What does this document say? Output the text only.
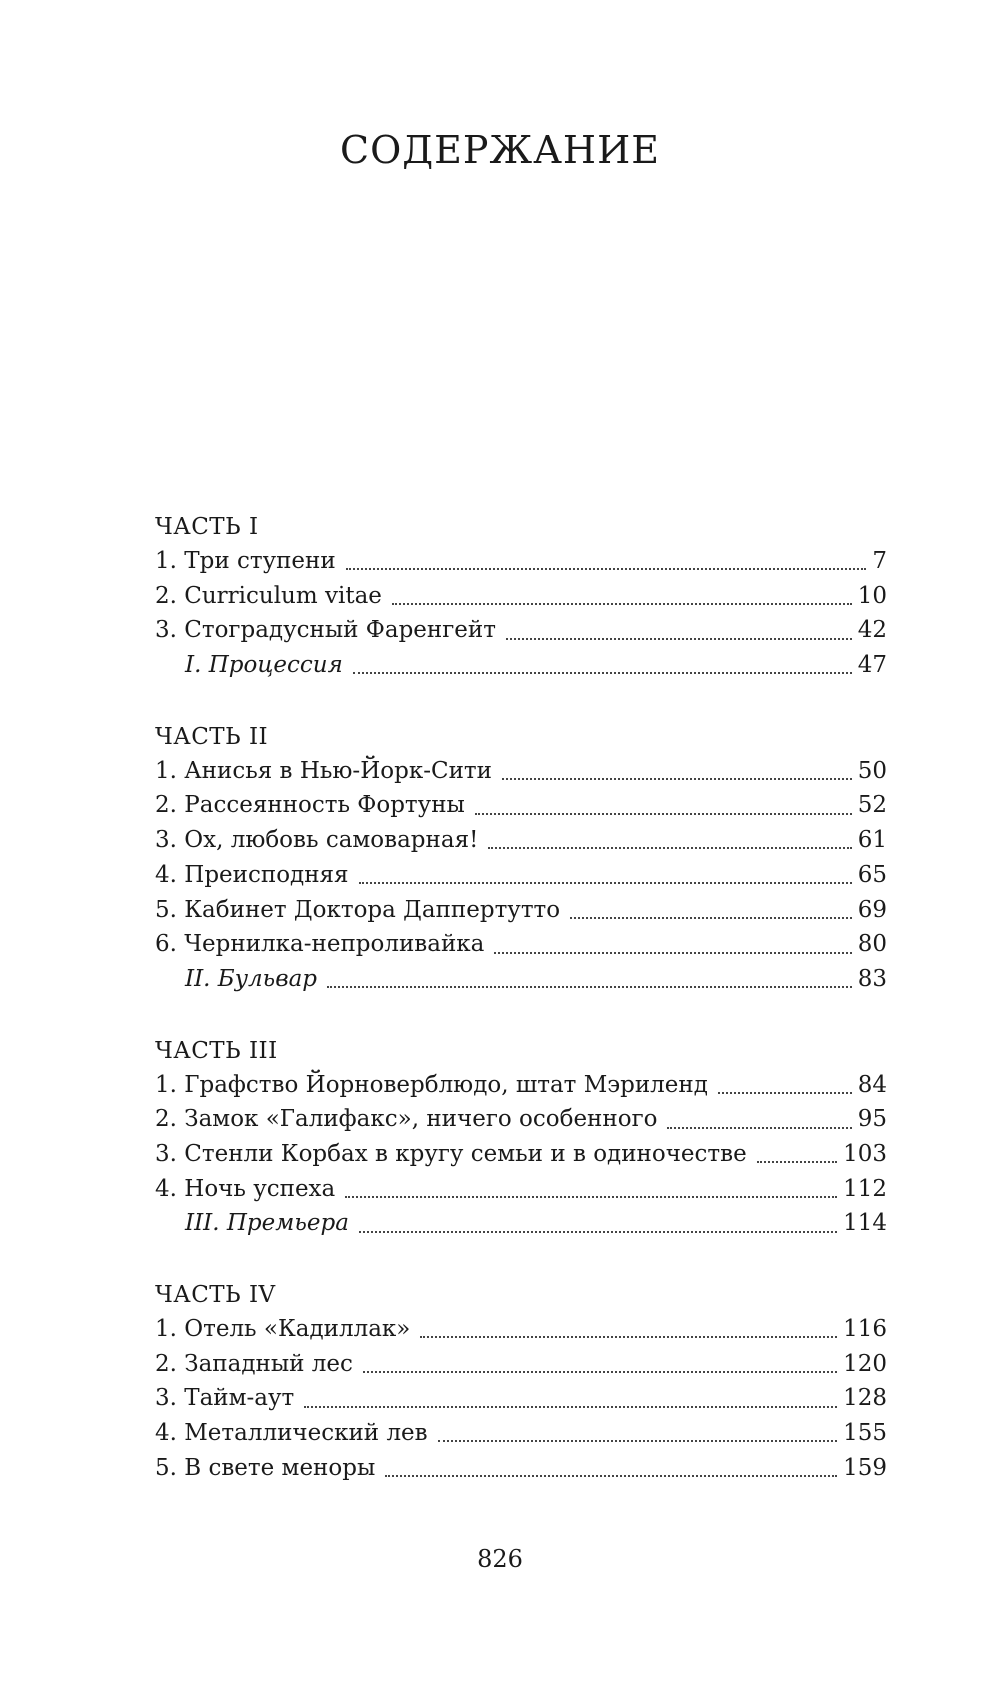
СОДЕРЖАНИЕ
ЧАСТЬ I
1. Три ступени	7
2. Curriculum vitae	10
3. Стоградусный Фаренгейт	42
I. Процессия	47
ЧАСТЬ II
1. Анисья в Нью-Йорк-Сити	50
2. Рассеянность Фортуны	52
3. Ох, любовь самоварная!	61
4. Преисподняя	65
5. Кабинет Доктора Даппертутто	69
6. Чернилка-непроливайка	80
II. Бульвар	83
ЧАСТЬ III
1. Графство Йорноверблюдо, штат Мэриленд	84
2. Замок «Галифакс», ничего особенного	95
3. Стенли Корбах в кругу семьи и в одиночестве	103
4. Ночь успеха	112
III. Премьера	114
ЧАСТЬ IV
1. Отель «Кадиллак»	116
2. Западный лес	120
3. Тайм-аут	128
4. Металлический лев	155
5. В свете меноры	159
826
